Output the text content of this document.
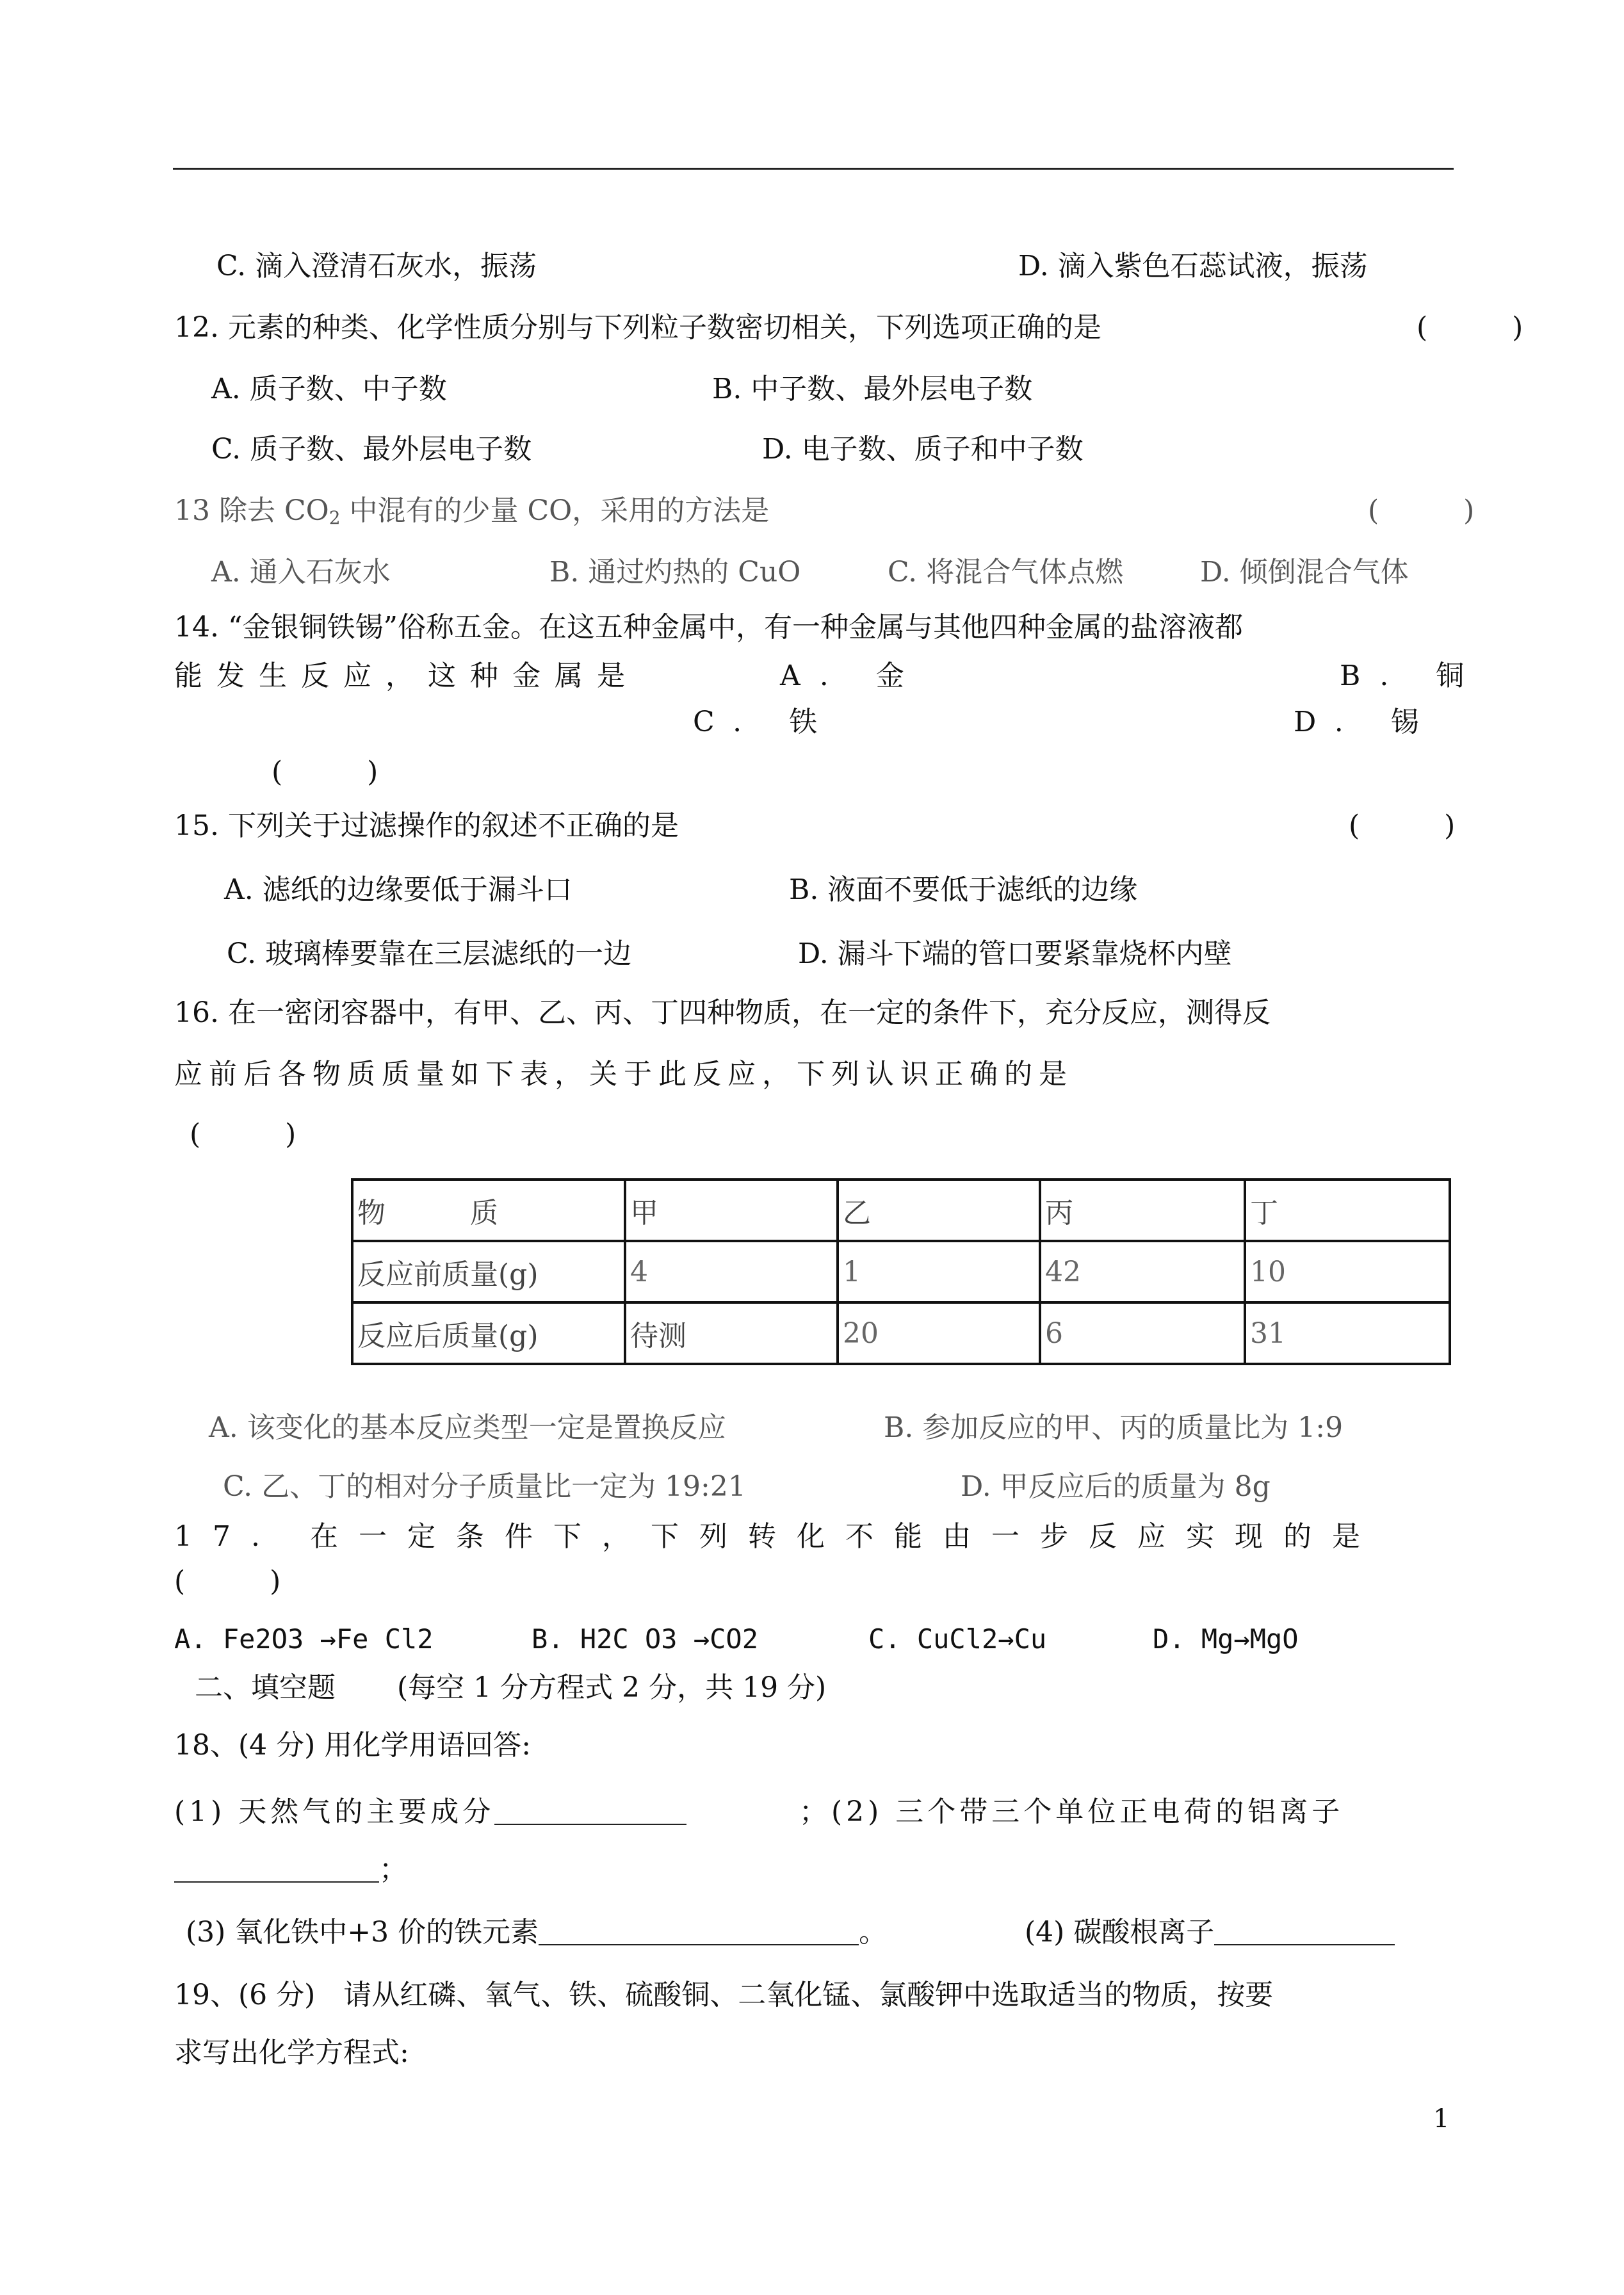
C. 滴入澄清石灰水，振荡	D. 滴入紫色石蕊试液，振荡
12. 元素的种类、化学性质分别与下列粒子数密切相关，下列选项正确的是	(　　　)
A. 质子数、中子数	B. 中子数、最外层电子数
C. 质子数、最外层电子数	D. 电子数、质子和中子数
13 除去 $CO_2$ 中混有的少量 CO，采用的方法是	(　　　)
A. 通入石灰水	B. 通过灼热的 CuO	C. 将混合气体点燃	D. 倾倒混合气体
14. “金银铜铁锡”俗称五金。在这五种金属中，有一种金属与其他四种金属的盐溶液都
能发生反应，这种金属是	A. 金	B. 铜
C. 铁	D. 锡
(　　　)
15. 下列关于过滤操作的叙述不正确的是	(　　　)
A. 滤纸的边缘要低于漏斗口	B. 液面不要低于滤纸的边缘
C. 玻璃棒要靠在三层滤纸的一边	D. 漏斗下端的管口要紧靠烧杯内壁
16. 在一密闭容器中，有甲、乙、丙、丁四种物质，在一定的条件下，充分反应，测得反
应前后各物质质量如下表，关于此反应，下列认识正确的是
(　　　)
物　　　质	甲	乙	丙	丁
反应前质量(g)	4	1	42	10
反应后质量(g)	待测	20	6	31
A. 该变化的基本反应类型一定是置换反应	B. 参加反应的甲、丙的质量比为 1:9
C. 乙、丁的相对分子质量比一定为 19:21	D. 甲反应后的质量为 8g
17. 在一定条件下，下列转化不能由一步反应实现的是
(　　　)
A. Fe2O3 →Fe Cl2	B. H2C O3 →CO2	C. CuCl2→Cu	D. Mg→MgO
二、填空题 (每空 1 分方程式 2 分，共 19 分)
18、(4 分) 用化学用语回答:
(1) 天然气的主要成分	；(2) 三个带三个单位正电荷的铝离子
；
(3) 氧化铁中+3 价的铁元素	。	(4) 碳酸根离子
19、(6 分)　请从红磷、氧气、铁、硫酸铜、二氧化锰、氯酸钾中选取适当的物质，按要
求写出化学方程式:
1
